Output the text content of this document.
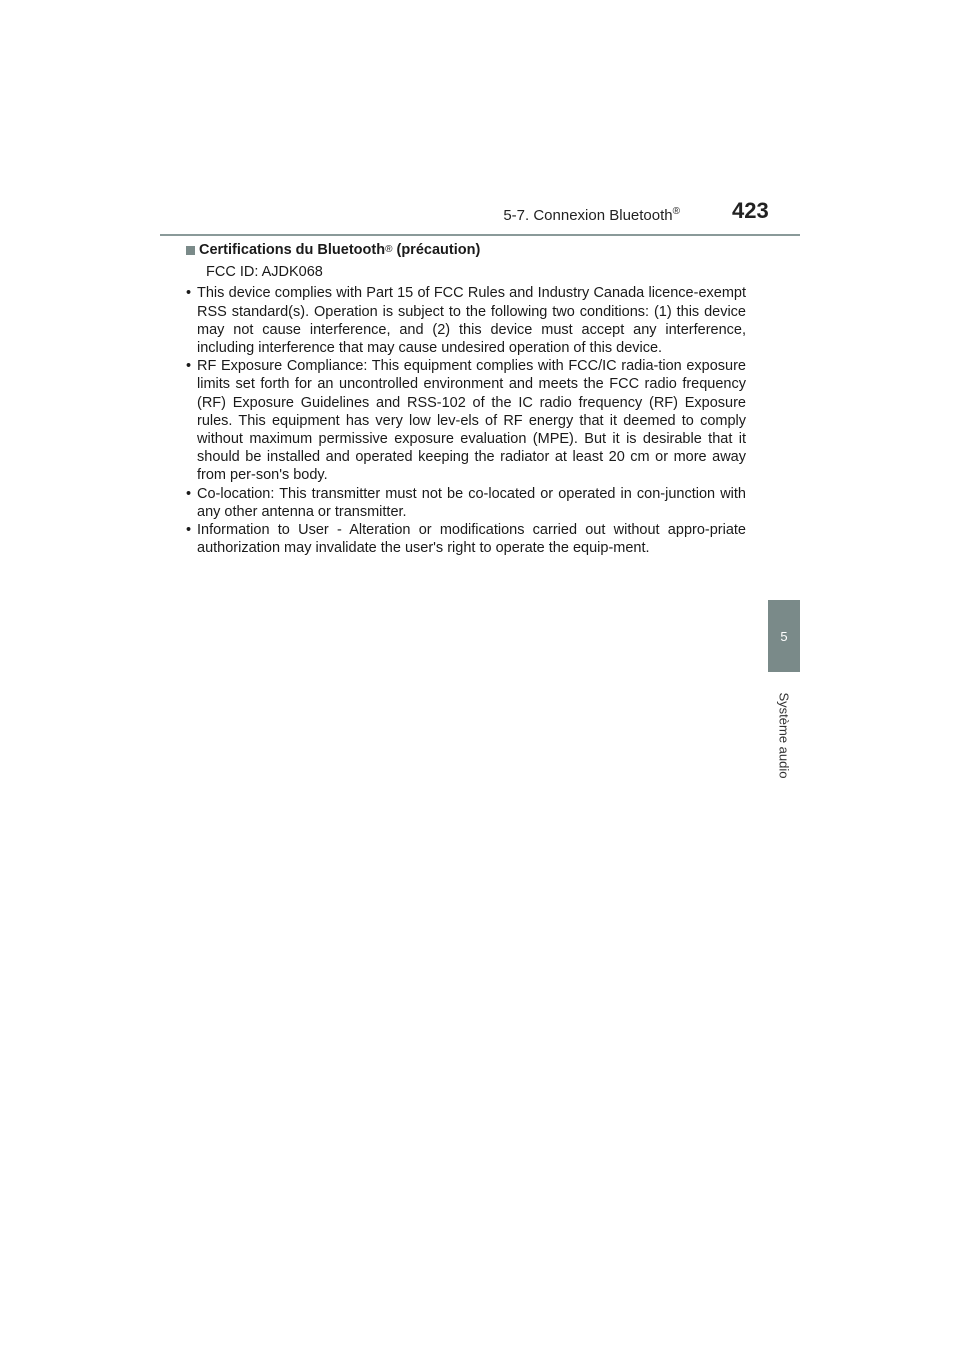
5-7. Connexion Bluetooth® 423
5
Système audio
Certifications du Bluetooth ® (précaution)
FCC ID: AJDK068
• This device complies with Part 15 of FCC Rules and Industry Canada licence-exempt RSS standard(s). Operation is subject to the following two conditions: (1) this device may not cause interference, and (2) this device must accept any interference, including interference that may cause undesired operation of this device.
• RF Exposure Compliance: This equipment complies with FCC/IC radia-tion exposure limits set forth for an uncontrolled environment and meets the FCC radio frequency (RF) Exposure Guidelines and RSS-102 of the IC radio frequency (RF) Exposure rules. This equipment has very low lev-els of RF energy that it deemed to comply without maximum permissive exposure evaluation (MPE). But it is desirable that it should be installed and operated keeping the radiator at least 20 cm or more away from per-son's body.
• Co-location: This transmitter must not be co-located or operated in con-junction with any other antenna or transmitter.
• Information to User - Alteration or modifications carried out without appro-priate authorization may invalidate the user's right to operate the equip-ment.
